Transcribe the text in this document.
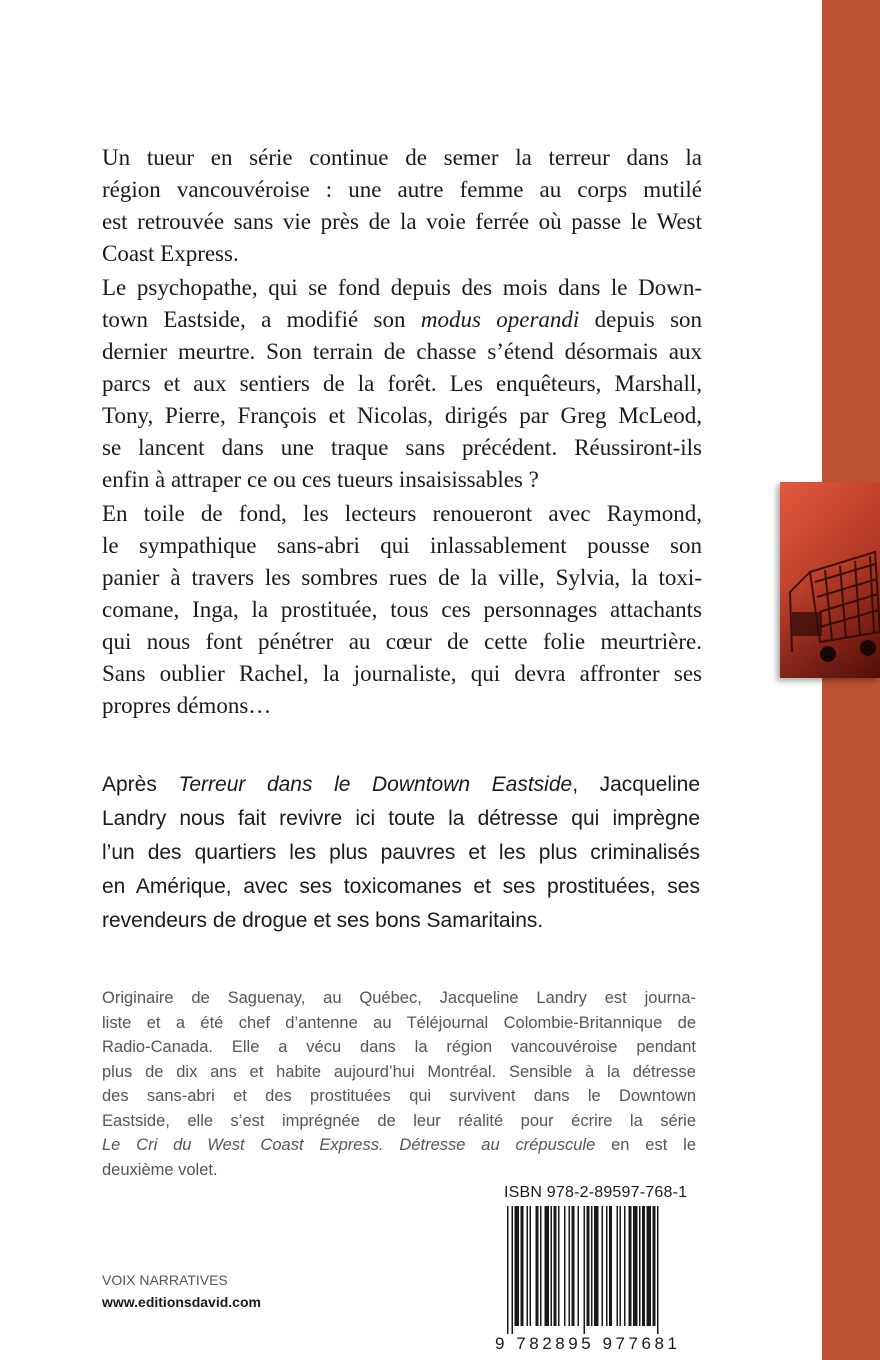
Un tueur en série continue de semer la terreur dans la
région vancouvéroise : une autre femme au corps mutilé
est retrouvée sans vie près de la voie ferrée où passe le West
Coast Express.

Le psychopathe, qui se fond depuis des mois dans le Down-
town Eastside, a modifié son modus operandi depuis son
dernier meurtre. Son terrain de chasse s’étend désormais aux
parcs et aux sentiers de la forêt. Les enquêteurs, Marshall,
Tony, Pierre, François et Nicolas, dirigés par Greg McLeod,
se lancent dans une traque sans précédent. Réussiront-ils
enfin à attraper ce ou ces tueurs insaisissables ?

En toile de fond, les lecteurs renoueront avec Raymond,
le sympathique sans-abri qui inlassablement pousse son
panier à travers les sombres rues de la ville, Sylvia, la toxi-
comane, Inga, la prostituée, tous ces personnages attachants
qui nous font pénétrer au cœur de cette folie meurtrière.
Sans oublier Rachel, la journaliste, qui devra affronter ses
propres démons…

Après Terreur dans le Downtown Eastside, Jacqueline
Landry nous fait revivre ici toute la détresse qui imprègne
l’un des quartiers les plus pauvres et les plus criminalisés
en Amérique, avec ses toxicomanes et ses prostituées, ses
revendeurs de drogue et ses bons Samaritains.

Originaire de Saguenay, au Québec, Jacqueline Landry est journa-
liste et a été chef d’antenne au Téléjournal Colombie-Britannique de
Radio-Canada. Elle a vécu dans la région vancouvéroise pendant
plus de dix ans et habite aujourd’hui Montréal. Sensible à la détresse
des sans-abri et des prostituées qui survivent dans le Downtown
Eastside, elle s’est imprégnée de leur réalité pour écrire la série
Le Cri du West Coast Express. Détresse au crépuscule en est le
deuxième volet.

ISBN 978-2-89597-768-1
9 782895 977681
VOIX NARRATIVES
www.editionsdavid.com
